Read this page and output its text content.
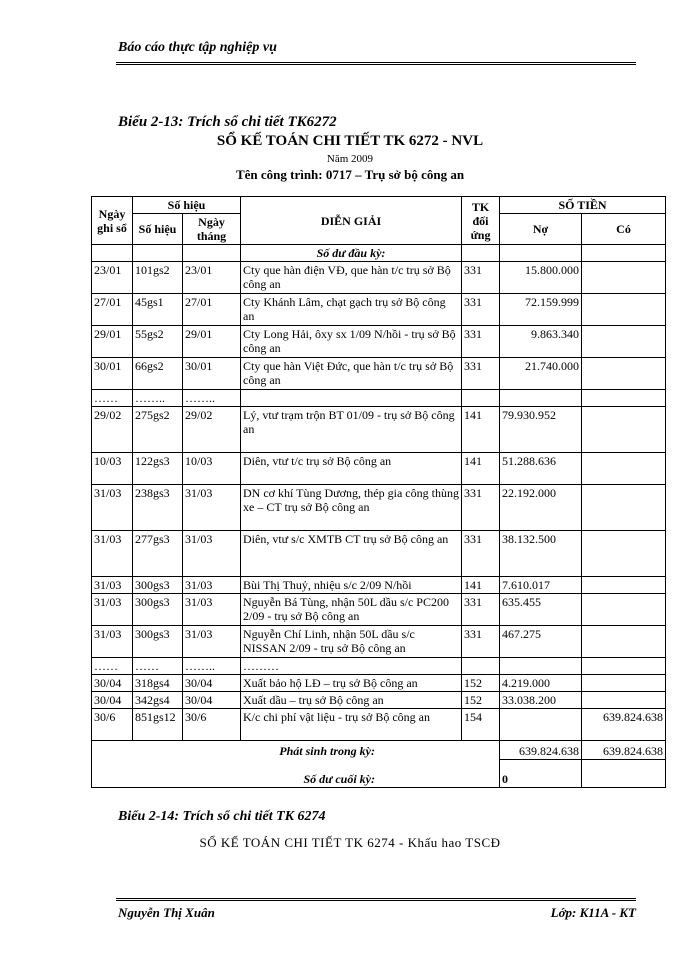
Báo cáo thực tập nghiệp vụ
Biểu 2-13: Trích sổ chi tiết TK6272
SỔ KẾ TOÁN CHI TIẾT TK 6272 - NVL
Năm 2009
Tên công trình: 0717 – Trụ sở bộ công an
Ngày ghi sổ	Số hiệu		DIỄN GIẢI	TK đối ứng	SỐ TIỀN	
	Số hiệu	Ngày tháng			Nợ	Có
			Số dư đầu kỳ:			
23/01	101gs2	23/01	Cty que hàn điện VĐ, que hàn t/c trụ sở Bộ công an	331	15.800.000	
27/01	45gs1	27/01	Cty Khánh Lâm, chạt gạch trụ sở Bộ công an	331	72.159.999	
29/01	55gs2	29/01	Cty Long Hải, ôxy sx 1/09 N/hồi - trụ sở Bộ công an	331	9.863.340	
30/01	66gs2	30/01	Cty que hàn Việt Đức, que hàn t/c trụ sở Bộ công an	331	21.740.000	
……	……..	……..				
29/02	275gs2	29/02	Lý, vtư trạm trộn BT 01/09 - trụ sở Bộ công an	141	79.930.952	
10/03	122gs3	10/03	Diên, vtư t/c trụ sở Bộ công an	141	51.288.636	
31/03	238gs3	31/03	DN cơ khí Tùng Dương, thép gia công thùng xe – CT trụ sở Bộ công an	331	22.192.000	
31/03	277gs3	31/03	Diên, vtư s/c XMTB CT trụ sở Bộ công an	331	38.132.500	
31/03	300gs3	31/03	Bùi Thị Thuỷ, nhiệu s/c 2/09 N/hồi	141	7.610.017	
31/03	300gs3	31/03	Nguyễn Bá Tùng, nhận 50L dầu s/c PC200 2/09 - trụ sở Bộ công an	331	635.455	
31/03	300gs3	31/03	Nguyễn Chí Linh, nhận 50L dầu s/c NISSAN 2/09 - trụ sở Bộ công an	331	467.275	
……	……	……..	………			
30/04	318gs4	30/04	Xuất bảo hộ LĐ – trụ sở Bộ công an	152	4.219.000	
30/04	342gs4	30/04	Xuất dầu – trụ sở Bộ công an	152	33.038.200	
30/6	851gs12	30/6	K/c chi phí vật liệu - trụ sở Bộ công an	154		639.824.638
Phát sinh trong kỳ:					639.824.638	639.824.638
Số dư cuối kỳ:					0	
Biểu 2-14: Trích sổ chi tiết TK 6274
SỔ KẾ TOÁN CHI TIẾT TK 6274 - Khấu hao TSCĐ
Nguyễn Thị Xuân	Lớp: K11A - KT
